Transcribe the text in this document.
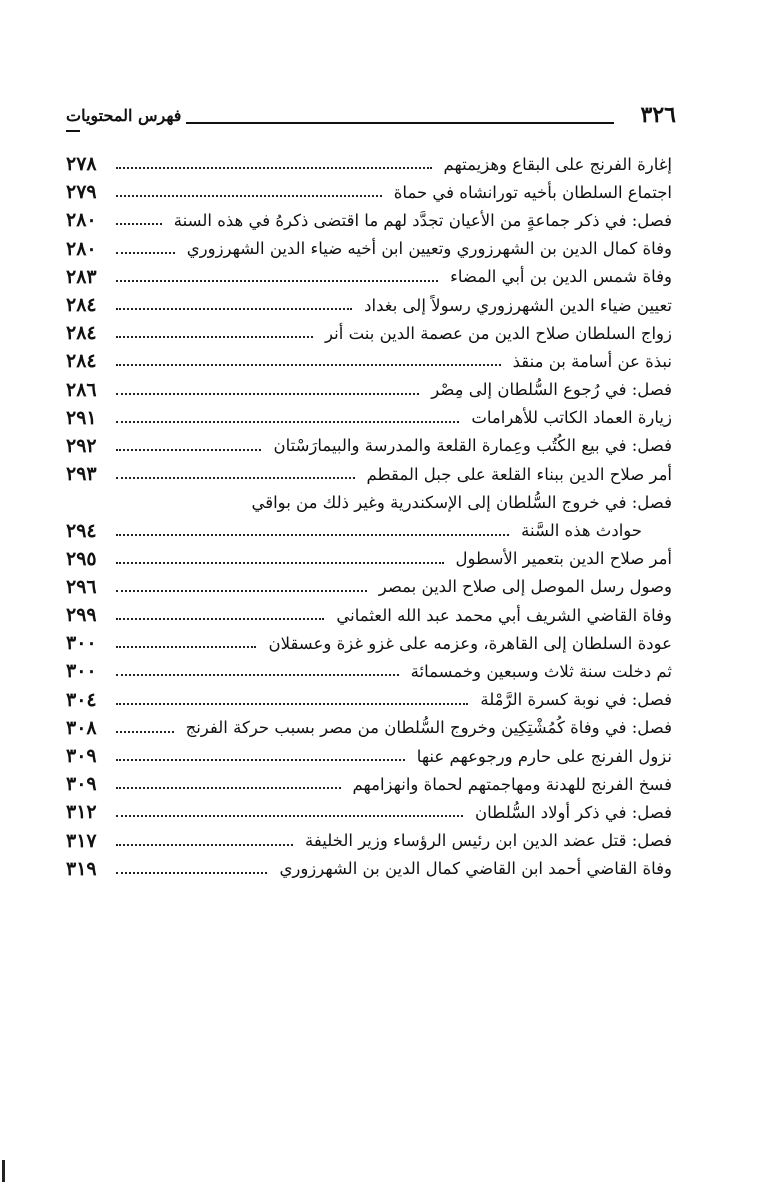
٣٢٦
فهرس المحتويات
إغارة الفرنج على البقاع وهزيمتهم
٢٧٨
اجتماع السلطان بأخيه تورانشاه في حماة
٢٧٩
فصل: في ذكر جماعةٍ من الأعيان تجدَّد لهم ما اقتضى ذكرهُ في هذه السنة
٢٨٠
وفاة كمال الدين بن الشهرزوري وتعيين ابن أخيه ضياء الدين الشهرزوري
٢٨٠
وفاة شمس الدين بن أبي المضاء
٢٨٣
تعيين ضياء الدين الشهرزوري رسولاً إلى بغداد
٢٨٤
زواج السلطان صلاح الدين من عصمة الدين بنت أنر
٢٨٤
نبذة عن أسامة بن منقذ
٢٨٤
فصل: في رُجوع السُّلطان إلى مِصْر
٢٨٦
زيارة العماد الكاتب للأهرامات
٢٩١
فصل: في بيع الكُتُب وعِمارة القلعة والمدرسة والبيمارَسْتان
٢٩٢
أمر صلاح الدين ببناء القلعة على جبل المقطم
٢٩٣
فصل: في خروج السُّلطان إلى الإسكندرية وغير ذلك من بواقي
حوادث هذه السَّنة
٢٩٤
أمر صلاح الدين بتعمير الأسطول
٢٩٥
وصول رسل الموصل إلى صلاح الدين بمصر
٢٩٦
وفاة القاضي الشريف أبي محمد عبد الله العثماني
٢٩٩
عودة السلطان إلى القاهرة، وعزمه على غزو غزة وعسقلان
٣٠٠
ثم دخلت سنة ثلاث وسبعين وخمسمائة
٣٠٠
فصل: في نوبة كسرة الرَّمْلة
٣٠٤
فصل: في وفاة كُمُشْتِكِين وخروج السُّلطان من مصر بسبب حركة الفرنج
٣٠٨
نزول الفرنج على حارم ورجوعهم عنها
٣٠٩
فسخ الفرنج للهدنة ومهاجمتهم لحماة وانهزامهم
٣٠٩
فصل: في ذكر أولاد السُّلطان
٣١٢
فصل: قتل عضد الدين ابن رئيس الرؤساء وزير الخليفة
٣١٧
وفاة القاضي أحمد ابن القاضي كمال الدين بن الشهرزوري
٣١٩
